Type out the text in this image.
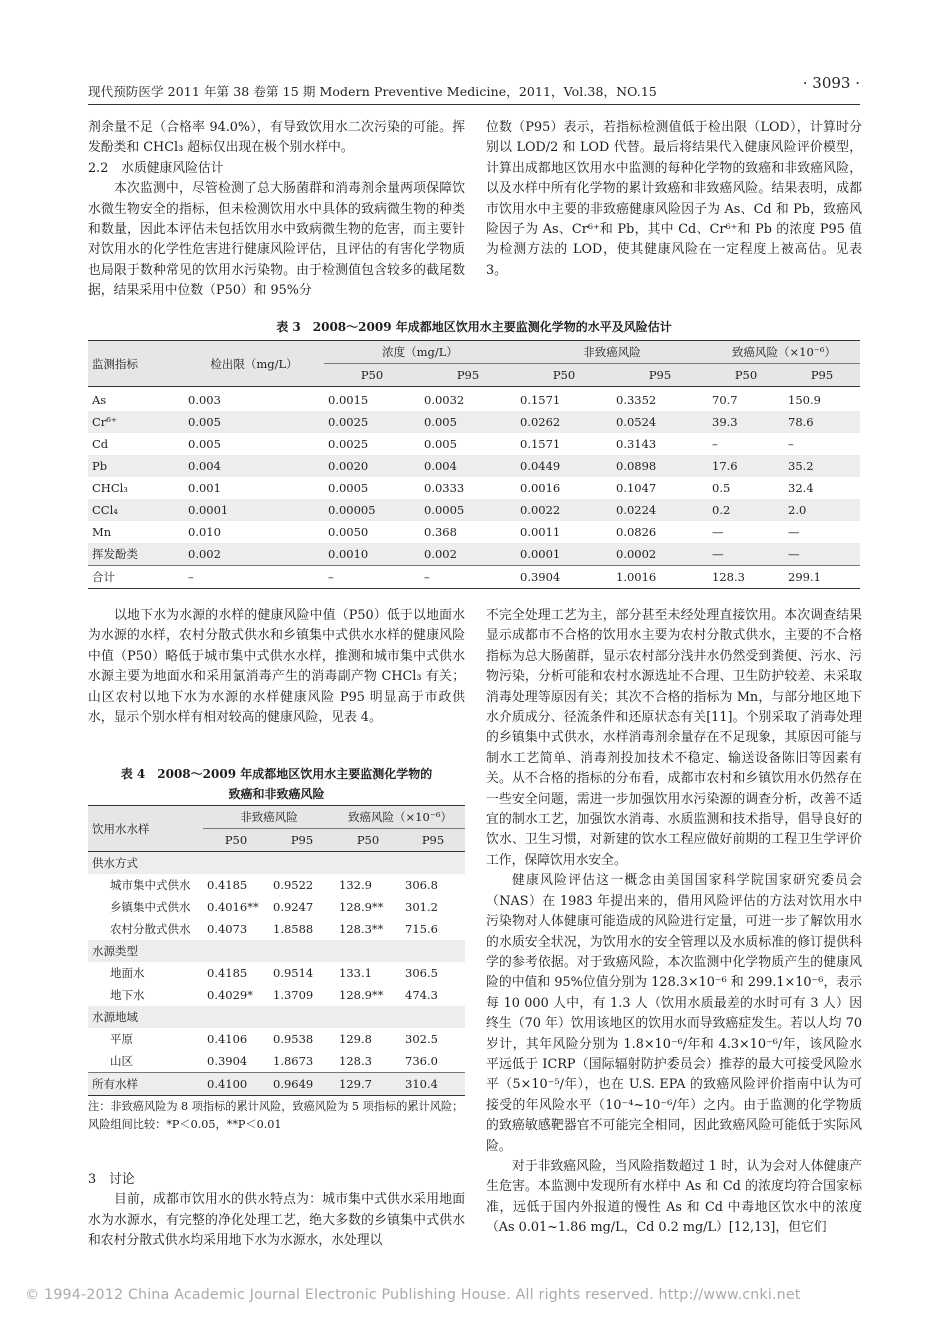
现代预防医学 2011 年第 38 卷第 15 期 Modern Preventive Medicine，2011，Vol.38，NO.15	· 3093 ·

剂余量不足（合格率 94.0%），有导致饮用水二次污染的可能。挥发酚类和 CHCl₃ 超标仅出现在极个别水样中。

2.2　水质健康风险估计

本次监测中，尽管检测了总大肠菌群和消毒剂余量两项保障饮水微生物安全的指标，但未检测饮用水中具体的致病微生物的种类和数量，因此本评估未包括饮用水中致病微生物的危害，而主要针对饮用水的化学性危害进行健康风险评估，且评估的有害化学物质也局限于数种常见的饮用水污染物。由于检测值包含较多的截尾数据，结果采用中位数（P50）和 95%分

位数（P95）表示，若指标检测值低于检出限（LOD），计算时分别以 LOD/2 和 LOD 代替。最后将结果代入健康风险评价模型，计算出成都地区饮用水中监测的每种化学物的致癌和非致癌风险，以及水样中所有化学物的累计致癌和非致癌风险。结果表明，成都市饮用水中主要的非致癌健康风险因子为 As、Cd 和 Pb，致癌风险因子为 As、Cr⁶⁺和 Pb，其中 Cd、Cr⁶⁺和 Pb 的浓度 P95 值为检测方法的 LOD，使其健康风险在一定程度上被高估。见表 3。

表 3　2008～2009 年成都地区饮用水主要监测化学物的水平及风险估计
监测指标	检出限（mg/L）	浓度（mg/L）		非致癌风险		致癌风险（×10⁻⁶）	
		P50	P95	P50	P95	P50	P95
As	0.003	0.0015	0.0032	0.1571	0.3352	70.7	150.9
Cr⁶⁺	0.005	0.0025	0.005	0.0262	0.0524	39.3	78.6
Cd	0.005	0.0025	0.005	0.1571	0.3143	–	–
Pb	0.004	0.0020	0.004	0.0449	0.0898	17.6	35.2
CHCl₃	0.001	0.0005	0.0333	0.0016	0.1047	0.5	32.4
CCl₄	0.0001	0.00005	0.0005	0.0022	0.0224	0.2	2.0
Mn	0.010	0.0050	0.368	0.0011	0.0826	—	—
挥发酚类	0.002	0.0010	0.002	0.0001	0.0002	—	—
合计	–	–	–	0.3904	1.0016	128.3	299.1

以地下水为水源的水样的健康风险中值（P50）低于以地面水为水源的水样，农村分散式供水和乡镇集中式供水水样的健康风险中值（P50）略低于城市集中式供水水样，推测和城市集中式供水水源主要为地面水和采用氯消毒产生的消毒副产物 CHCl₃ 有关；山区农村以地下水为水源的水样健康风险 P95 明显高于市政供水，显示个别水样有相对较高的健康风险，见表 4。

表 4　2008～2009 年成都地区饮用水主要监测化学物的
致癌和非致癌风险
饮用水水样	非致癌风险		致癌风险（×10⁻⁶）	
	P50	P95	P50	P95
供水方式				
城市集中式供水	0.4185	0.9522	132.9	306.8
乡镇集中式供水	0.4016**	0.9247	128.9**	301.2
农村分散式供水	0.4073	1.8588	128.3**	715.6
水源类型				
地面水	0.4185	0.9514	133.1	306.5
地下水	0.4029*	1.3709	128.9**	474.3
水源地域				
平原	0.4106	0.9538	129.8	302.5
山区	0.3904	1.8673	128.3	736.0
所有水样	0.4100	0.9649	129.7	310.4
注：非致癌风险为 8 项指标的累计风险，致癌风险为 5 项指标的累计风险；风险组间比较：*P＜0.05，**P＜0.01

3　讨论

目前，成都市饮用水的供水特点为：城市集中式供水采用地面水为水源水，有完整的净化处理工艺，绝大多数的乡镇集中式供水和农村分散式供水均采用地下水为水源水，水处理以

不完全处理工艺为主，部分甚至未经处理直接饮用。本次调查结果显示成都市不合格的饮用水主要为农村分散式供水，主要的不合格指标为总大肠菌群，显示农村部分浅井水仍然受到粪便、污水、污物污染，分析可能和农村水源选址不合理、卫生防护较差、未采取消毒处理等原因有关；其次不合格的指标为 Mn，与部分地区地下水介质成分、径流条件和还原状态有关[11]。个别采取了消毒处理的乡镇集中式供水，水样消毒剂余量存在不足现象，其原因可能与制水工艺简单、消毒剂投加技术不稳定、输送设备陈旧等因素有关。从不合格的指标的分布看，成都市农村和乡镇饮用水仍然存在一些安全问题，需进一步加强饮用水污染源的调查分析，改善不适宜的制水工艺，加强饮水消毒、水质监测和技术指导，倡导良好的饮水、卫生习惯，对新建的饮水工程应做好前期的工程卫生学评价工作，保障饮用水安全。

健康风险评估这一概念由美国国家科学院国家研究委员会（NAS）在 1983 年提出来的，借用风险评估的方法对饮用水中污染物对人体健康可能造成的风险进行定量，可进一步了解饮用水的水质安全状况，为饮用水的安全管理以及水质标准的修订提供科学的参考依据。对于致癌风险，本次监测中化学物质产生的健康风险的中值和 95%位值分别为 128.3×10⁻⁶ 和 299.1×10⁻⁶，表示每 10 000 人中，有 1.3 人（饮用水质最差的水时可有 3 人）因终生（70 年）饮用该地区的饮用水而导致癌症发生。若以人均 70 岁计，其年风险分别为 1.8×10⁻⁶/年和 4.3×10⁻⁶/年，该风险水平远低于 ICRP（国际辐射防护委员会）推荐的最大可接受风险水平（5×10⁻⁵/年），也在 U.S. EPA 的致癌风险评价指南中认为可接受的年风险水平（10⁻⁴~10⁻⁶/年）之内。由于监测的化学物质的致癌敏感靶器官不可能完全相同，因此致癌风险可能低于实际风险。

对于非致癌风险，当风险指数超过 1 时，认为会对人体健康产生危害。本监测中发现所有水样中 As 和 Cd 的浓度均符合国家标准，远低于国内外报道的慢性 As 和 Cd 中毒地区饮水中的浓度（As 0.01~1.86 mg/L，Cd 0.2 mg/L）[12,13]，但它们

© 1994-2012 China Academic Journal Electronic Publishing House. All rights reserved. http://www.cnki.net
